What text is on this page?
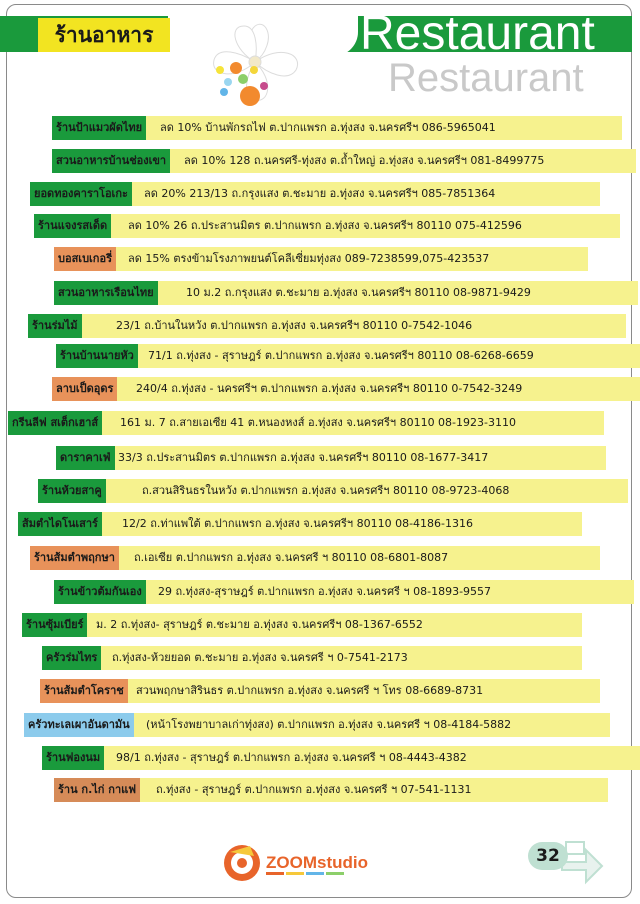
ร้านอาหาร
Restaurant
Restaurant
ร้านป้าแมวผัดไทย	ลด 10% บ้านพักรถไฟ ต.ปากแพรก อ.ทุ่งสง จ.นครศรีฯ 086-5965041
สวนอาหารบ้านช่องเขา	ลด 10% 128 ถ.นครศรี-ทุ่งสง ต.ถ้ำใหญ่ อ.ทุ่งสง จ.นครศรีฯ 081-8499775
ยอดทองคาราโอเกะ	ลด 20% 213/13 ถ.กรุงแสง ต.ชะมาย อ.ทุ่งสง จ.นครศรีฯ 085-7851364
ร้านแจงรสเด็ด	ลด 10% 26 ถ.ประสานมิตร ต.ปากแพรก อ.ทุ่งสง จ.นครศรีฯ 80110 075-412596
บอสเบเกอรี่	ลด 15% ตรงข้ามโรงภาพยนต์โคลีเซี่ยมทุ่งสง 089-7238599,075-423537
สวนอาหารเรือนไทย	10 ม.2 ถ.กรุงแสง ต.ชะมาย อ.ทุ่งสง จ.นครศรีฯ 80110 08-9871-9429
ร้านร่มไม้	23/1 ถ.บ้านในหวัง ต.ปากแพรก อ.ทุ่งสง จ.นครศรีฯ 80110 0-7542-1046
ร้านบ้านนายหัว	71/1 ถ.ทุ่งสง - สุราษฎร์ ต.ปากแพรก อ.ทุ่งสง จ.นครศรีฯ 80110 08-6268-6659
ลาบเป็ดอุดร	240/4 ถ.ทุ่งสง - นครศรีฯ ต.ปากแพรก อ.ทุ่งสง จ.นครศรีฯ 80110 0-7542-3249
กรีนลีฟ สเต็กเฮาส์	161 ม. 7 ถ.สายเอเซีย 41 ต.หนองหงส์ อ.ทุ่งสง จ.นครศรีฯ 80110 08-1923-3110
ดาราคาเฟ่ 33/3 ถ.ประสานมิตร ต.ปากแพรก อ.ทุ่งสง จ.นครศรีฯ 80110 08-1677-3417
ร้านห้วยสาคู	ถ.สวนสิรินธรในหวัง ต.ปากแพรก อ.ทุ่งสง จ.นครศรีฯ 80110 08-9723-4068
ส้มตำไดโนเสาร์	12/2 ถ.ท่าแพใต้ ต.ปากแพรก อ.ทุ่งสง จ.นครศรีฯ 80110 08-4186-1316
ร้านส้มตำพฤกษา	ถ.เอเซีย ต.ปากแพรก อ.ทุ่งสง จ.นครศรี ฯ 80110 08-6801-8087
ร้านข้าวต้มกันเอง	29 ถ.ทุ่งสง-สุราษฎร์ ต.ปากแพรก อ.ทุ่งสง จ.นครศรี ฯ 08-1893-9557
ร้านซุ้มเบียร์	ม. 2 ถ.ทุ่งสง- สุราษฎร์ ต.ชะมาย อ.ทุ่งสง จ.นครศรีฯ 08-1367-6552
ครัวร่มไทร	ถ.ทุ่งสง-ห้วยยอด ต.ชะมาย อ.ทุ่งสง จ.นครศรี ฯ 0-7541-2173
ร้านส้มตำโคราช	สวนพฤกษาสิรินธร ต.ปากแพรก อ.ทุ่งสง จ.นครศรี ฯ โทร 08-6689-8731
ครัวทะเลเผาอันดามัน	(หน้าโรงพยาบาลเก่าทุ่งสง) ต.ปากแพรก อ.ทุ่งสง จ.นครศรี ฯ 08-4184-5882
ร้านฟองนม	98/1 ถ.ทุ่งสง - สุราษฎร์ ต.ปากแพรก อ.ทุ่งสง จ.นครศรี ฯ 08-4443-4382
ร้าน ก.ไก่ กาแฟ	ถ.ทุ่งสง - สุราษฎร์ ต.ปากแพรก อ.ทุ่งสง จ.นครศรี ฯ 07-541-1131
ZOOMstudio	32
